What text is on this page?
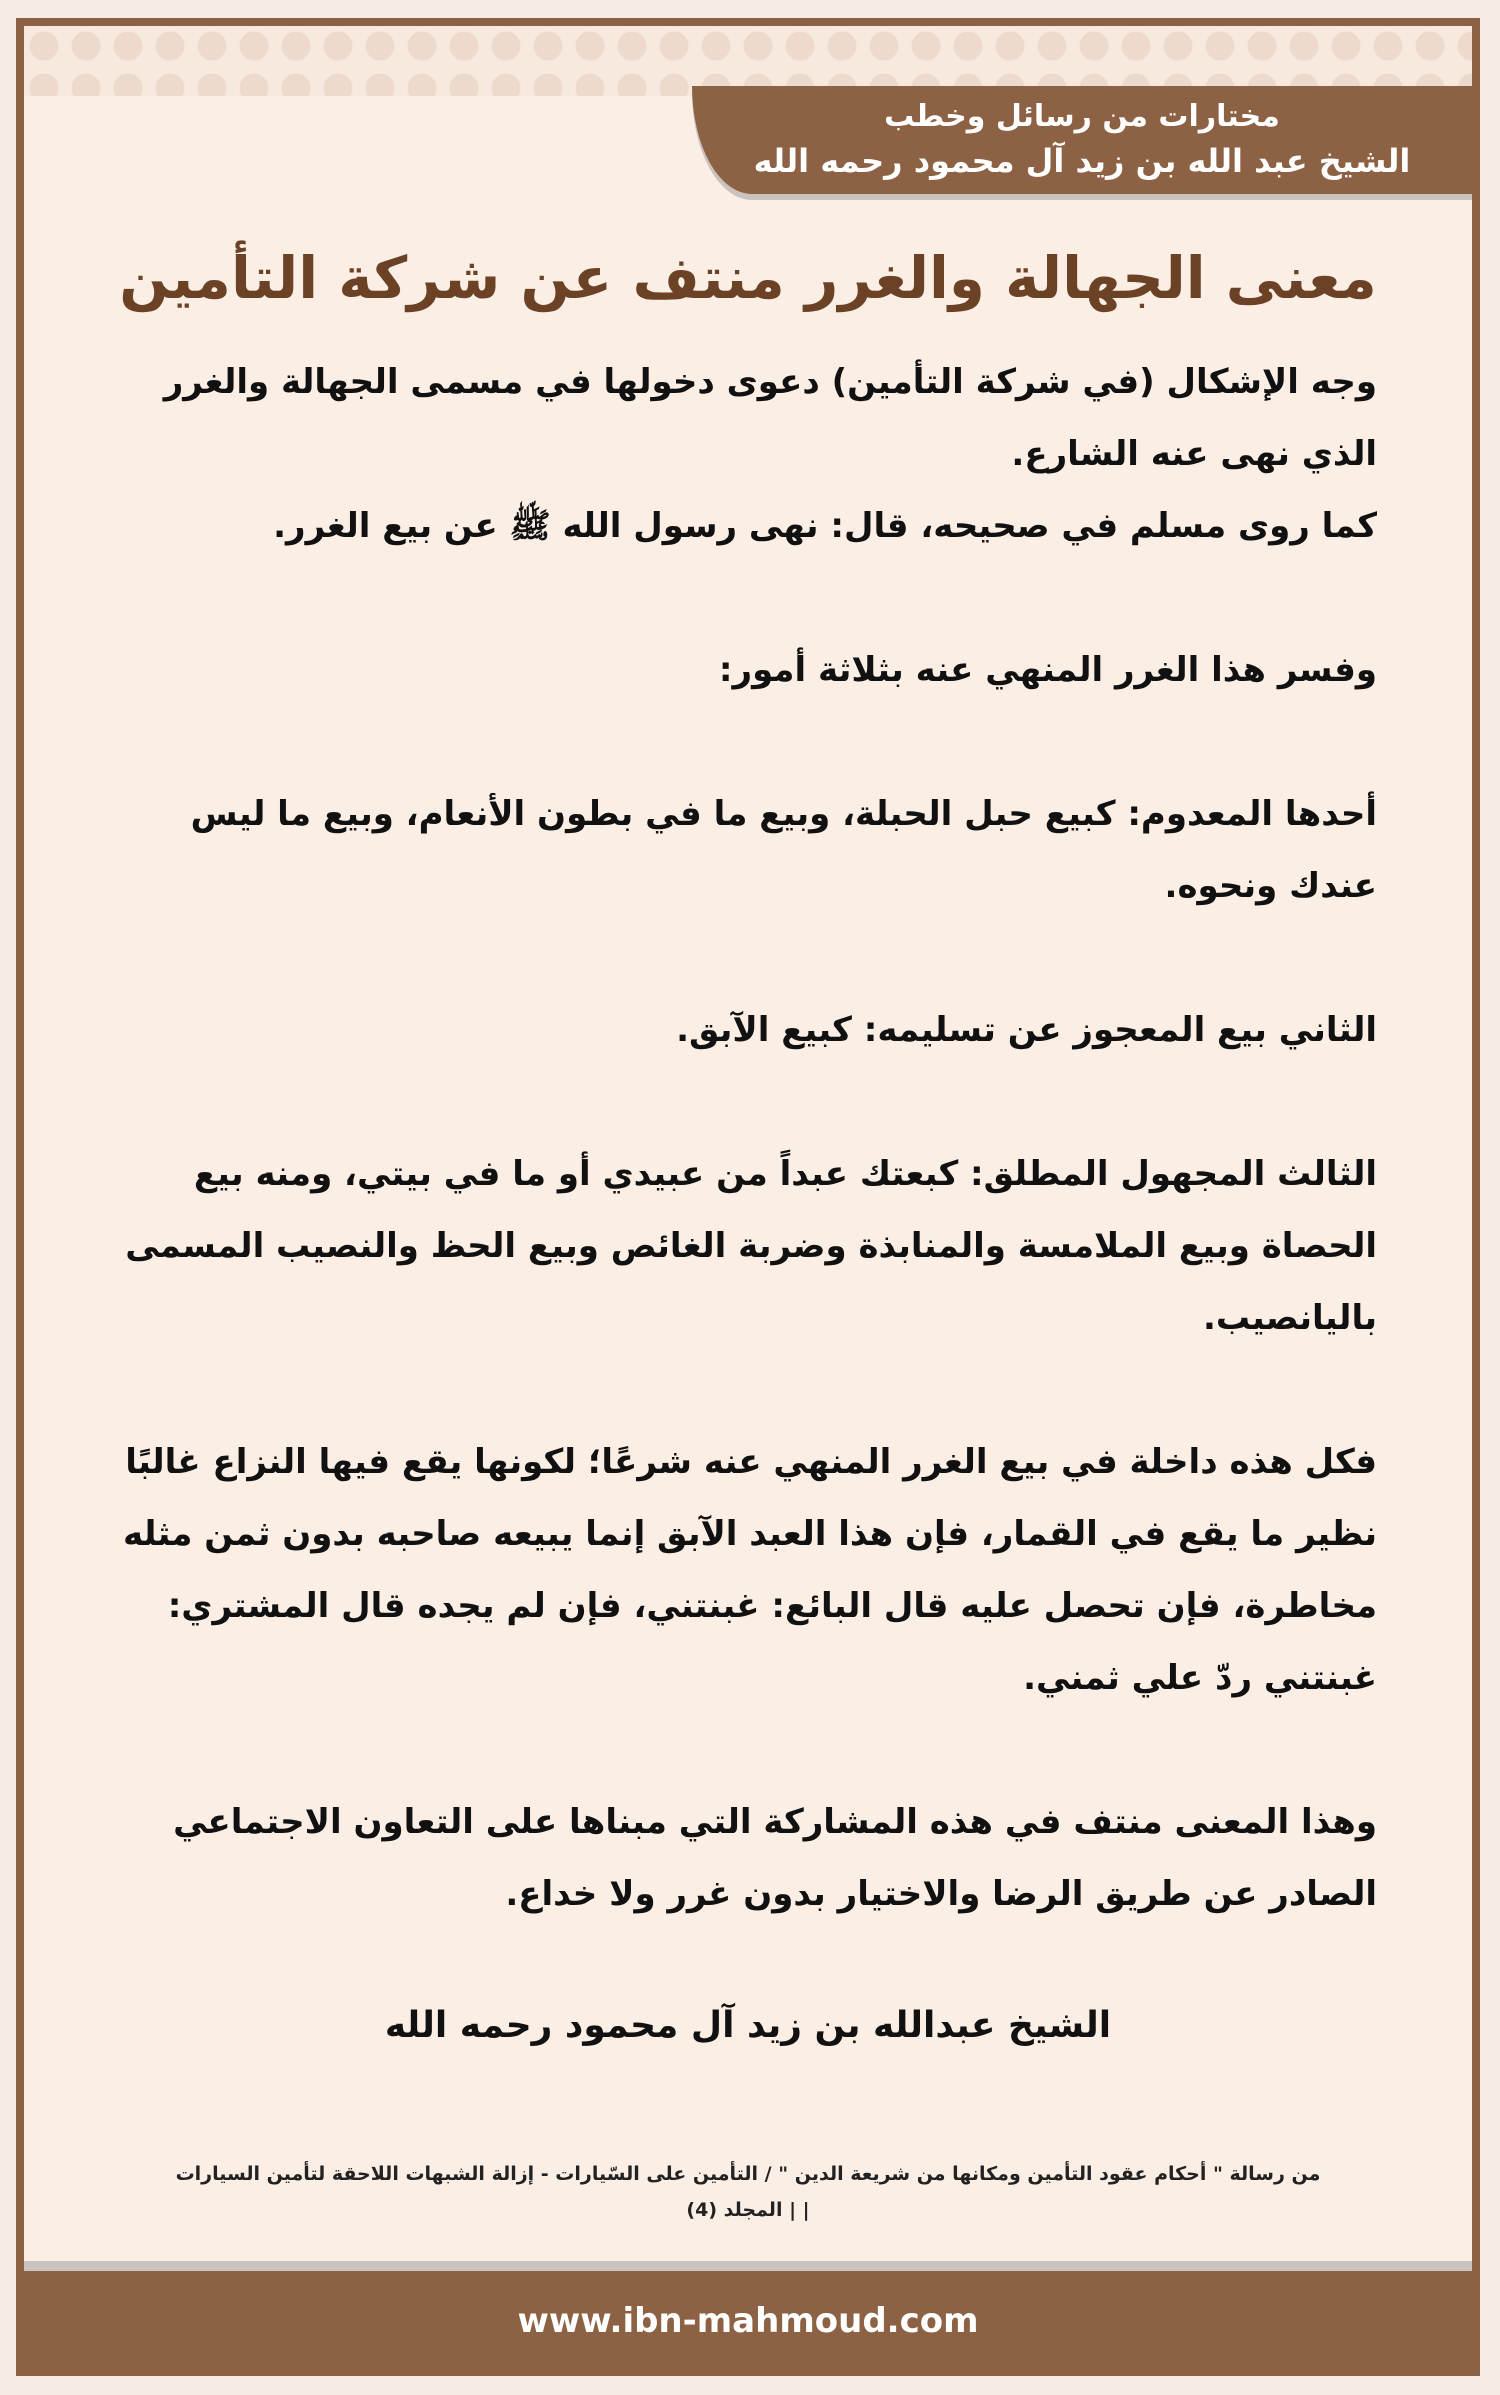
مختارات من رسائل وخطب
الشيخ عبد الله بن زيد آل محمود رحمه الله
معنى الجهالة والغرر منتف عن شركة التأمين

وجه الإشكال (في شركة التأمين) دعوى دخولها في مسمى الجهالة والغرر الذي نهى عنه الشارع.

كما روى مسلم في صحيحه، قال: نهى رسول الله ﷺ عن بيع الغرر.

وفسر هذا الغرر المنهي عنه بثلاثة أمور:

أحدها المعدوم: كبيع حبل الحبلة، وبيع ما في بطون الأنعام، وبيع ما ليس عندك ونحوه.

الثاني بيع المعجوز عن تسليمه: كبيع الآبق.

الثالث المجهول المطلق: كبعتك عبداً من عبيدي أو ما في بيتي، ومنه بيع الحصاة وبيع الملامسة والمنابذة وضربة الغائص وبيع الحظ والنصيب المسمى باليانصيب.

فكل هذه داخلة في بيع الغرر المنهي عنه شرعًا؛ لكونها يقع فيها النزاع غالبًا نظير ما يقع في القمار، فإن هذا العبد الآبق إنما يبيعه صاحبه بدون ثمن مثله مخاطرة، فإن تحصل عليه قال البائع: غبنتني، فإن لم يجده قال المشتري: غبنتني ردّ علي ثمني.

وهذا المعنى منتف في هذه المشاركة التي مبناها على التعاون الاجتماعي الصادر عن طريق الرضا والاختيار بدون غرر ولا خداع.

الشيخ عبدالله بن زيد آل محمود رحمه الله
من رسالة " أحكام عقود التأمين ومكانها من شريعة الدين " / التأمين على السّيارات - إزالة الشبهات اللاحقة لتأمين السيارات
| | المجلد (4)
www.ibn-mahmoud.com
